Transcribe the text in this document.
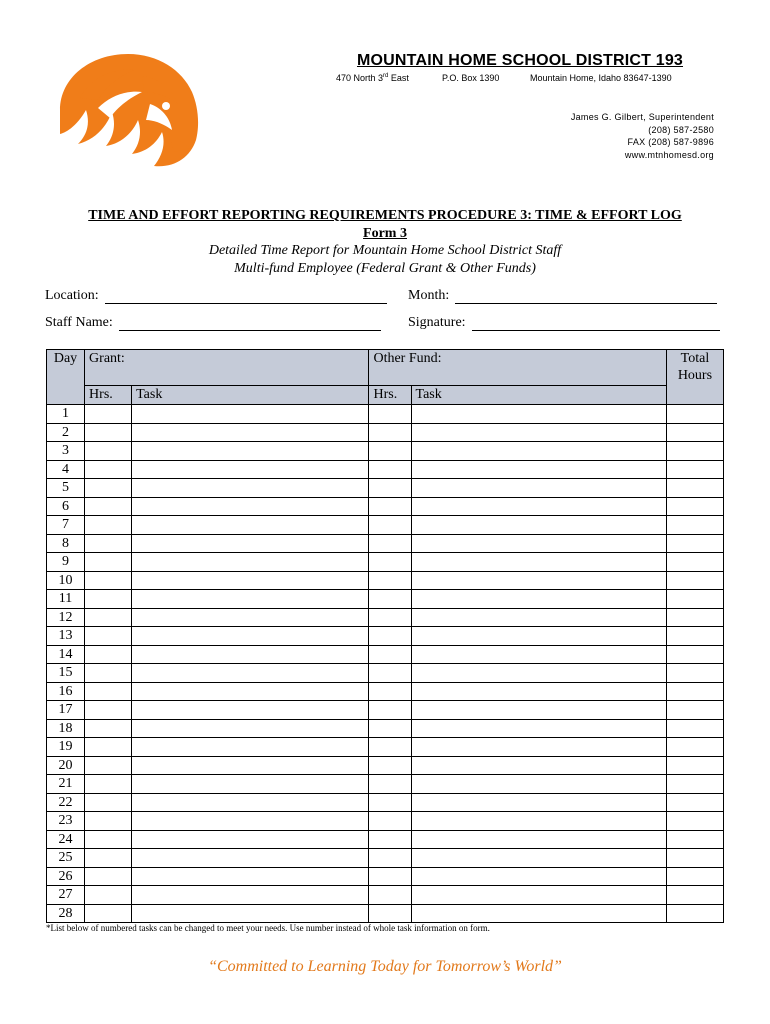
MOUNTAIN HOME SCHOOL DISTRICT 193
470 North 3rd East	P.O. Box 1390	Mountain Home, Idaho 83647-1390
James G. Gilbert, Superintendent
(208) 587-2580
FAX (208) 587-9896
www.mtnhomesd.org
TIME AND EFFORT REPORTING REQUIREMENTS PROCEDURE 3: TIME & EFFORT LOG
Form 3
Detailed Time Report for Mountain Home School District Staff
Multi-fund Employee (Federal Grant & Other Funds)
Location:	Month:
Staff Name:	Signature:
Day	Grant:		Other Fund:		Total Hours
	Hrs.	Task	Hrs.	Task	
1					
2					
3					
4					
5					
6					
7					
8					
9					
10					
11					
12					
13					
14					
15					
16					
17					
18					
19					
20					
21					
22					
23					
24					
25					
26					
27					
28					
*List below of numbered tasks can be changed to meet your needs. Use number instead of whole task information on form.
“Committed to Learning Today for Tomorrow’s World”
